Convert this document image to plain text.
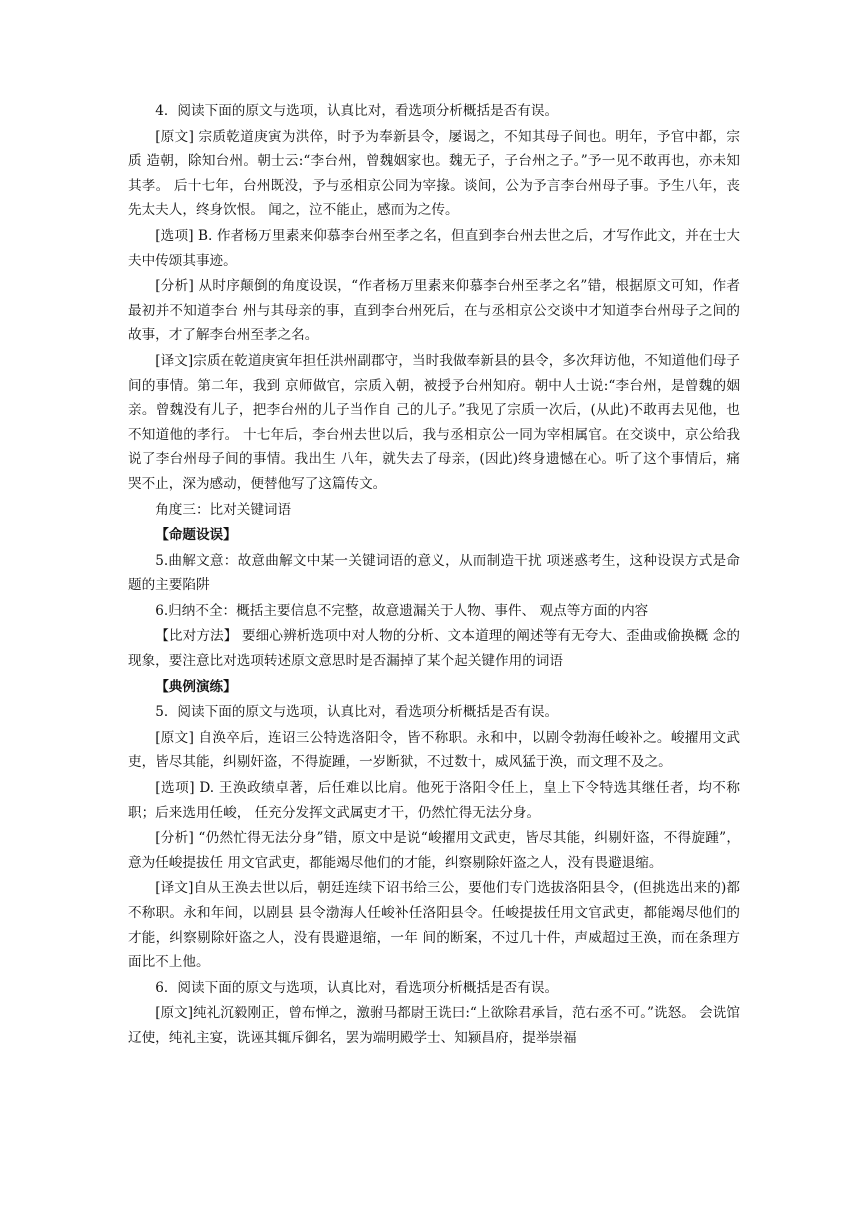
4．阅读下面的原文与选项，认真比对，看选项分析概括是否有误。

[原文] 宗质乾道庚寅为洪倅，时予为奉新县令，屡谒之，不知其母子间也。明年，予官中都，宗质 造朝，除知台州。朝士云:“李台州，曾魏姻家也。魏无子，子台州之子。”予一见不敢再也，亦未知其孝。 后十七年，台州既没，予与丞相京公同为宰掾。谈间，公为予言李台州母子事。予生八年，丧先太夫人，终身饮恨。 闻之，泣不能止，感而为之传。

[选项] B. 作者杨万里素来仰慕李台州至孝之名，但直到李台州去世之后，才写作此文，并在士大夫中传颂其事迹。

[分析] 从时序颠倒的角度设误，“作者杨万里素来仰慕李台州至孝之名”错，根据原文可知，作者最初并不知道李台 州与其母亲的事，直到李台州死后，在与丞相京公交谈中才知道李台州母子之间的故事，才了解李台州至孝之名。

[译文]宗质在乾道庚寅年担任洪州副郡守，当时我做奉新县的县令，多次拜访他，不知道他们母子间的事情。第二年，我到 京师做官，宗质入朝，被授予台州知府。朝中人士说:“李台州，是曾魏的姻亲。曾魏没有儿子，把李台州的儿子当作自 己的儿子。”我见了宗质一次后，(从此)不敢再去见他，也不知道他的孝行。 十七年后，李台州去世以后，我与丞相京公一同为宰相属官。在交谈中，京公给我说了李台州母子间的事情。我出生 八年，就失去了母亲，(因此)终身遗憾在心。听了这个事情后，痛哭不止，深为感动，便替他写了这篇传文。

角度三：比对关键词语

【命题设误】

5.曲解文意：故意曲解文中某一关键词语的意义，从而制造干扰 项迷惑考生，这种设误方式是命题的主要陷阱

6.归纳不全：概括主要信息不完整，故意遗漏关于人物、事件、 观点等方面的内容

【比对方法】 要细心辨析选项中对人物的分析、文本道理的阐述等有无夸大、歪曲或偷换概 念的现象，要注意比对选项转述原文意思时是否漏掉了某个起关键作用的词语

【典例演练】

5．阅读下面的原文与选项，认真比对，看选项分析概括是否有误。

[原文] 自涣卒后，连诏三公特选洛阳令，皆不称职。永和中，以剧令勃海任峻补之。峻擢用文武 吏，皆尽其能，纠剔奸盗，不得旋踵，一岁断狱，不过数十，威风猛于涣，而文理不及之。

[选项] D. 王涣政绩卓著，后任难以比肩。他死于洛阳令任上，皇上下令特选其继任者，均不称职；后来选用任峻， 任充分发挥文武属吏才干，仍然忙得无法分身。

[分析] “仍然忙得无法分身”错，原文中是说“峻擢用文武吏，皆尽其能，纠剔奸盗，不得旋踵”，意为任峻提拔任 用文官武吏，都能竭尽他们的才能，纠察剔除奸盗之人，没有畏避退缩。

[译文]自从王涣去世以后，朝廷连续下诏书给三公，要他们专门选拔洛阳县令，(但挑选出来的)都不称职。永和年间，以剧县 县令渤海人任峻补任洛阳县令。任峻提拔任用文官武吏，都能竭尽他们的才能，纠察剔除奸盗之人，没有畏避退缩，一年 间的断案，不过几十件，声威超过王涣，而在条理方面比不上他。

6．阅读下面的原文与选项，认真比对，看选项分析概括是否有误。

[原文]纯礼沉毅刚正，曾布惮之，激驸马都尉王诜曰:“上欲除君承旨，范右丞不可。”诜怒。 会诜馆辽使，纯礼主宴，诜诬其辄斥御名，罢为端明殿学士、知颍昌府，提举崇福
